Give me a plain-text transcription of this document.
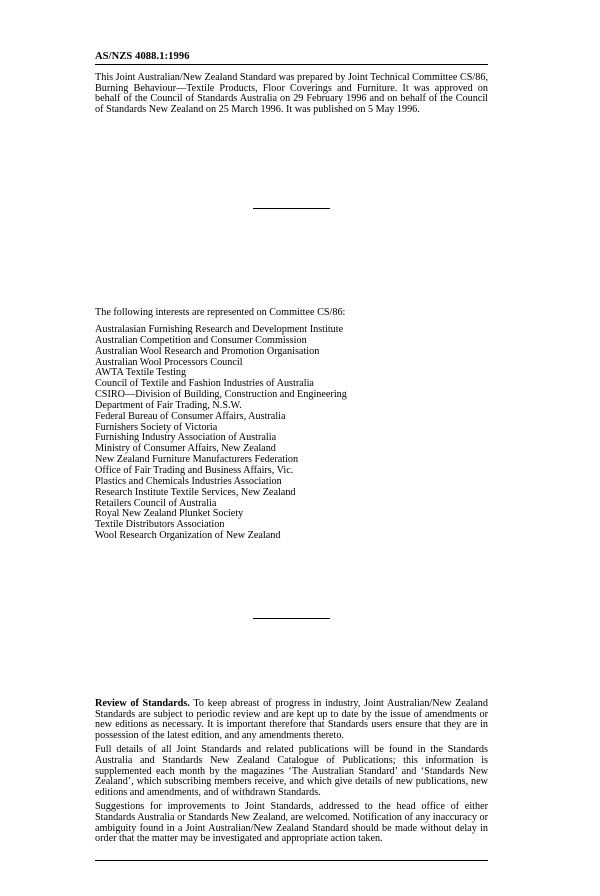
AS/NZS 4088.1:1996

This Joint Australian/New Zealand Standard was prepared by Joint Technical Committee CS/86, Burning Behaviour—Textile Products, Floor Coverings and Furniture. It was approved on behalf of the Council of Standards Australia on 29 February 1996 and on behalf of the Council of Standards New Zealand on 25 March 1996. It was published on 5 May 1996.

The following interests are represented on Committee CS/86:

Australasian Furnishing Research and Development Institute
Australian Competition and Consumer Commission
Australian Wool Research and Promotion Organisation
Australian Wool Processors Council
AWTA Textile Testing
Council of Textile and Fashion Industries of Australia
CSIRO—Division of Building, Construction and Engineering
Department of Fair Trading, N.S.W.
Federal Bureau of Consumer Affairs, Australia
Furnishers Society of Victoria
Furnishing Industry Association of Australia
Ministry of Consumer Affairs, New Zealand
New Zealand Furniture Manufacturers Federation
Office of Fair Trading and Business Affairs, Vic.
Plastics and Chemicals Industries Association
Research Institute Textile Services, New Zealand
Retailers Council of Australia
Royal New Zealand Plunket Society
Textile Distributors Association
Wool Research Organization of New Zealand

Review of Standards. To keep abreast of progress in industry, Joint Australian/New Zealand Standards are subject to periodic review and are kept up to date by the issue of amendments or new editions as necessary. It is important therefore that Standards users ensure that they are in possession of the latest edition, and any amendments thereto.

Full details of all Joint Standards and related publications will be found in the Standards Australia and Standards New Zealand Catalogue of Publications; this information is supplemented each month by the magazines ‘The Australian Standard’ and ‘Standards New Zealand’, which subscribing members receive, and which give details of new publications, new editions and amendments, and of withdrawn Standards.

Suggestions for improvements to Joint Standards, addressed to the head office of either Standards Australia or Standards New Zealand, are welcomed. Notification of any inaccuracy or ambiguity found in a Joint Australian/New Zealand Standard should be made without delay in order that the matter may be investigated and appropriate action taken.
